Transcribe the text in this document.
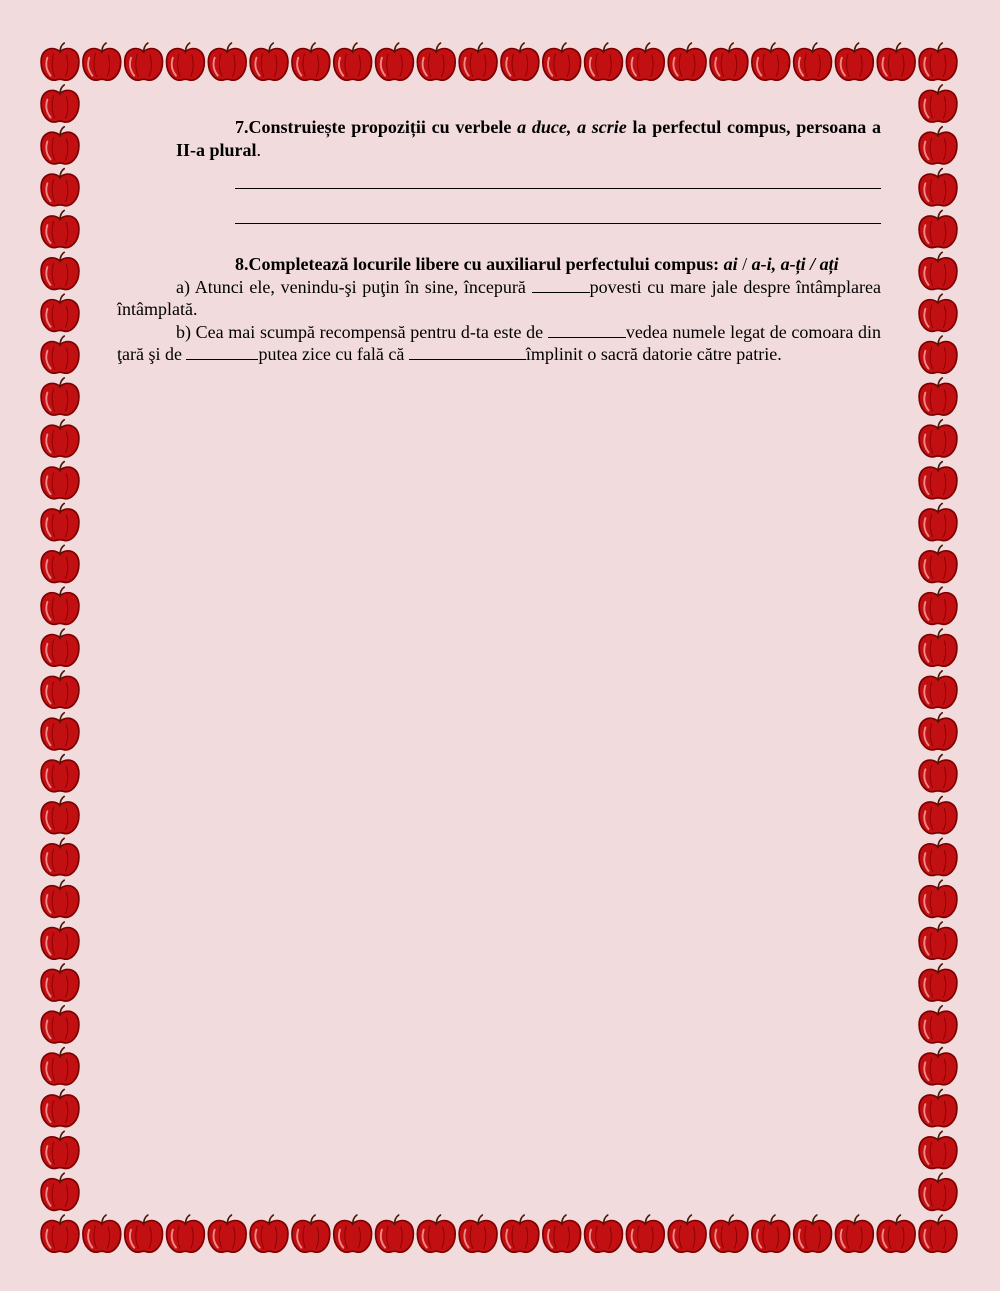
7.Construiește propoziții cu verbele a duce, a scrie la perfectul compus, persoana a II-a plural.
8.Completează locurile libere cu auxiliarul perfectului compus: ai / a-i, a-ți / ați
a) Atunci ele, venindu-şi puţin în sine, începură	povesti cu mare jale despre întâmplarea întâmplată.
b) Cea mai scumpă recompensă pentru d-ta este de	vedea numele legat de comoara din ţară şi de	putea zice cu fală că	împlinit o sacră datorie către patrie.
